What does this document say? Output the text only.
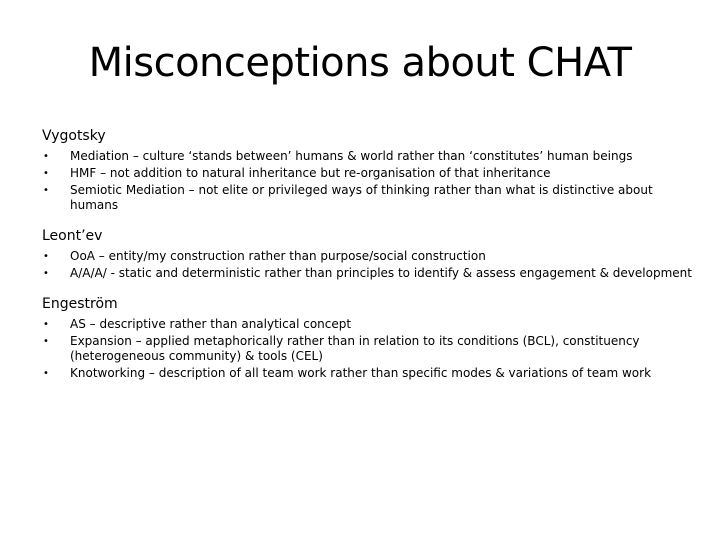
Misconceptions about CHAT
Vygotsky
• Mediation – culture ‘stands between’ humans & world rather than ‘constitutes’ human beings
• HMF – not addition to natural inheritance but re-organisation of that inheritance
• Semiotic Mediation – not elite or privileged ways of thinking rather than what is distinctive about humans
Leont’ev
• OoA – entity/my construction rather than purpose/social construction
• A/A/A/ - static and deterministic rather than principles to identify & assess engagement & development
Engeström
• AS – descriptive rather than analytical concept
• Expansion – applied metaphorically rather than in relation to its conditions (BCL), constituency (heterogeneous community) & tools (CEL)
• Knotworking – description of all team work rather than specific modes & variations of team work
